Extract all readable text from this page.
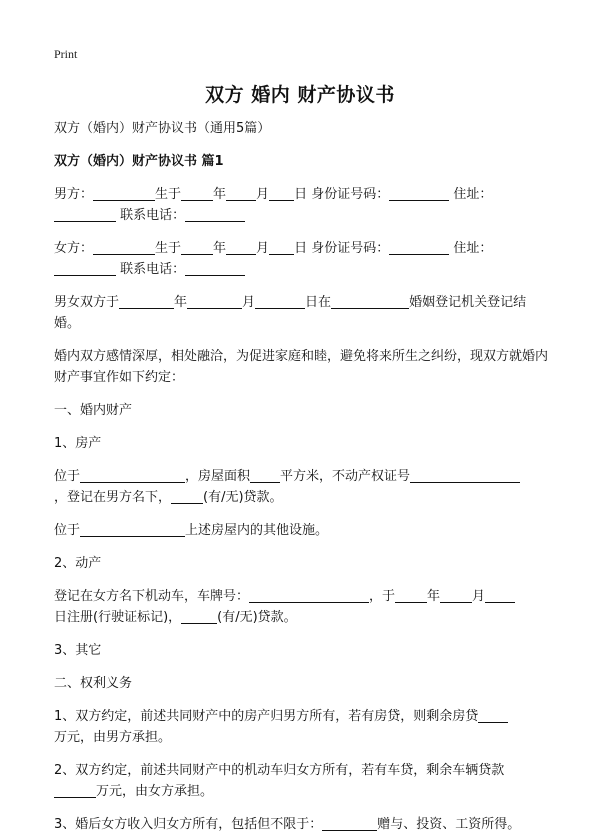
Print
双方 婚内 财产协议书

双方（婚内）财产协议书（通用5篇）

双方（婚内）财产协议书 篇1

男方：	生于 年 月 日 身份证号码：	住址：
联系电话：

女方：	生于 年 月 日 身份证号码：	住址：
联系电话：

男女双方于	年	月	日在	婚姻登记机关登记结婚。

婚内双方感情深厚，相处融洽，为促进家庭和睦，避免将来所生之纠纷，现双方就婚内财产事宜作如下约定：

一、婚内财产

1、房产

位于	，房屋面积 平方米，不动产权证号
，登记在男方名下， (有/无)贷款。

位于	上述房屋内的其他设施。

2、动产

登记在女方名下机动车，车牌号：	，于 年 月
日注册(行驶证标记)，	(有/无)贷款。

3、其它

二、权利义务

1、双方约定，前述共同财产中的房产归男方所有，若有房贷，则剩余房贷
万元，由男方承担。

2、双方约定，前述共同财产中的机动车归女方所有，若有车贷，剩余车辆贷款
万元，由女方承担。

3、婚后女方收入归女方所有，包括但不限于：	赠与、投资、工资所得。
